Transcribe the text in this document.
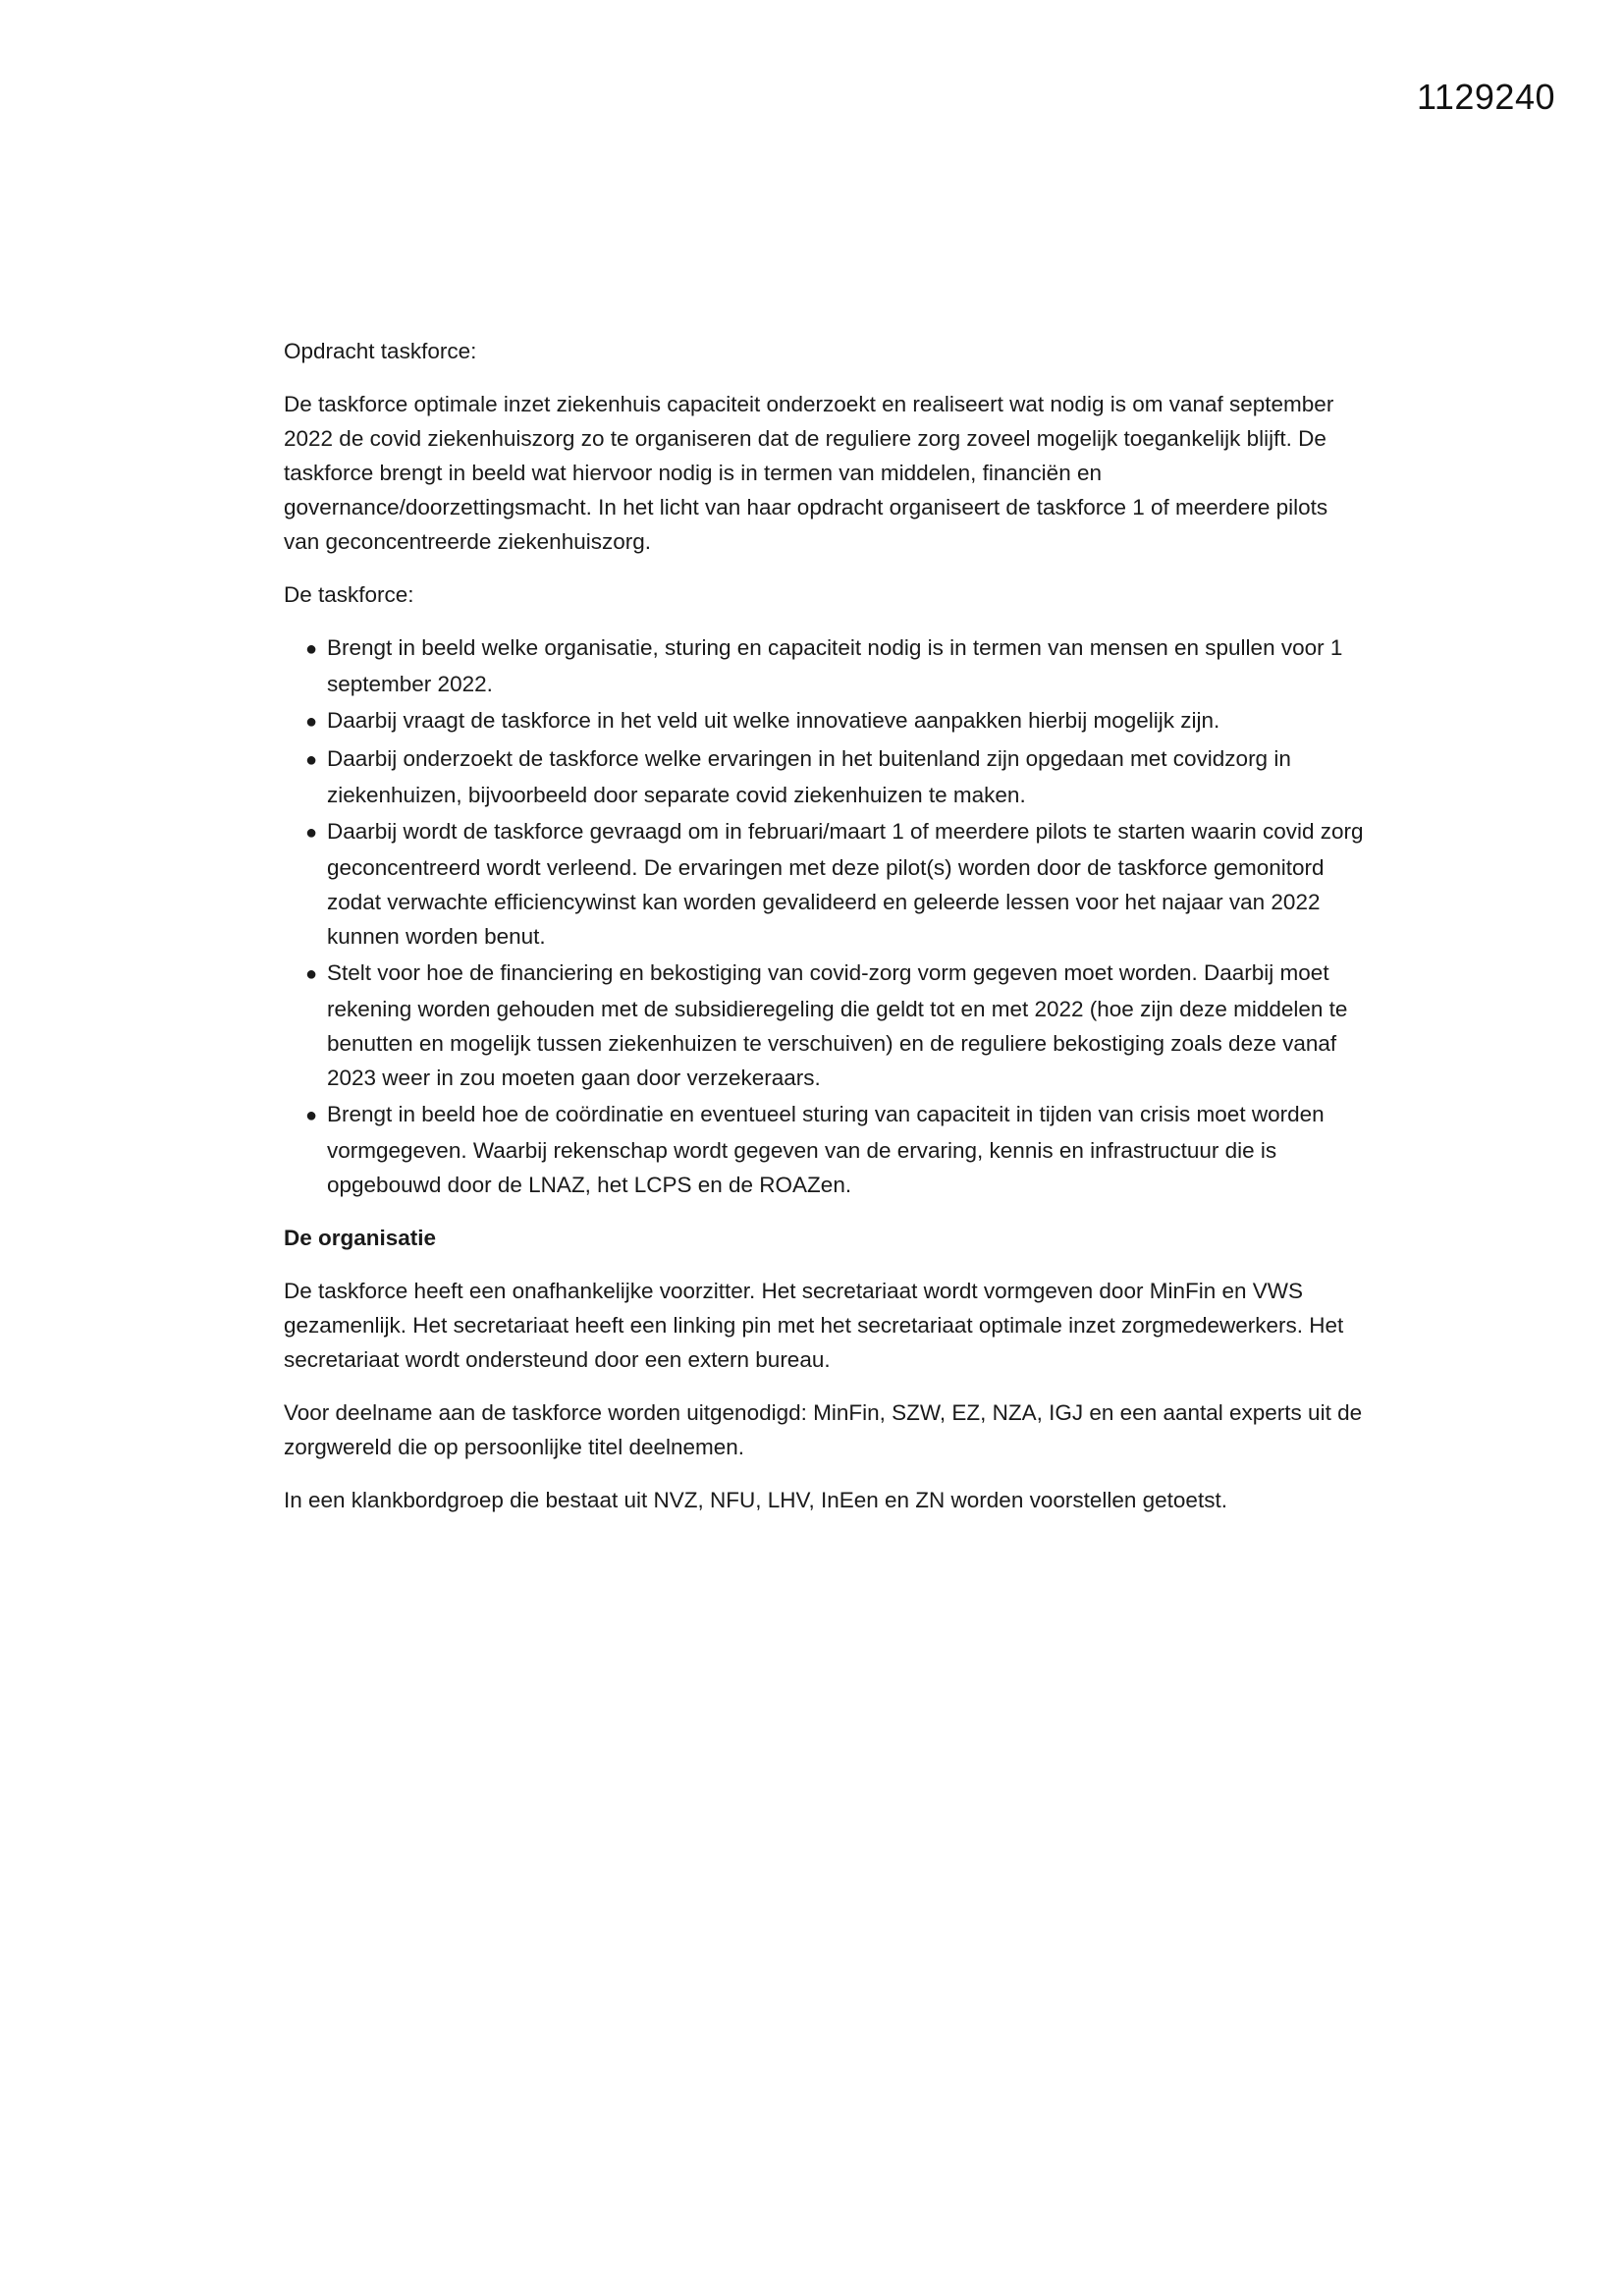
1129240

Opdracht taskforce:

De taskforce optimale inzet ziekenhuis capaciteit onderzoekt en realiseert wat nodig is om vanaf september 2022 de covid ziekenhuiszorg zo te organiseren dat de reguliere zorg zoveel mogelijk toegankelijk blijft. De taskforce brengt in beeld wat hiervoor nodig is in termen van middelen, financiën en governance/doorzettingsmacht. In het licht van haar opdracht organiseert de taskforce 1 of meerdere pilots van geconcentreerde ziekenhuiszorg.

De taskforce:

● Brengt in beeld welke organisatie, sturing en capaciteit nodig is in termen van mensen en spullen voor 1 september 2022.
● Daarbij vraagt de taskforce in het veld uit welke innovatieve aanpakken hierbij mogelijk zijn.
● Daarbij onderzoekt de taskforce welke ervaringen in het buitenland zijn opgedaan met covidzorg in ziekenhuizen, bijvoorbeeld door separate covid ziekenhuizen te maken.
● Daarbij wordt de taskforce gevraagd om in februari/maart 1 of meerdere pilots te starten waarin covid zorg geconcentreerd wordt verleend. De ervaringen met deze pilot(s) worden door de taskforce gemonitord zodat verwachte efficiencywinst kan worden gevalideerd en geleerde lessen voor het najaar van 2022 kunnen worden benut.
● Stelt voor hoe de financiering en bekostiging van covid-zorg vorm gegeven moet worden. Daarbij moet rekening worden gehouden met de subsidieregeling die geldt tot en met 2022 (hoe zijn deze middelen te benutten en mogelijk tussen ziekenhuizen te verschuiven) en de reguliere bekostiging zoals deze vanaf 2023 weer in zou moeten gaan door verzekeraars.
● Brengt in beeld hoe de coördinatie en eventueel sturing van capaciteit in tijden van crisis moet worden vormgegeven. Waarbij rekenschap wordt gegeven van de ervaring, kennis en infrastructuur die is opgebouwd door de LNAZ, het LCPS en de ROAZen.

De organisatie

De taskforce heeft een onafhankelijke voorzitter. Het secretariaat wordt vormgeven door MinFin en VWS gezamenlijk. Het secretariaat heeft een linking pin met het secretariaat optimale inzet zorgmedewerkers. Het secretariaat wordt ondersteund door een extern bureau.

Voor deelname aan de taskforce worden uitgenodigd: MinFin, SZW, EZ, NZA, IGJ en een aantal experts uit de zorgwereld die op persoonlijke titel deelnemen.

In een klankbordgroep die bestaat uit NVZ, NFU, LHV, InEen en ZN worden voorstellen getoetst.
